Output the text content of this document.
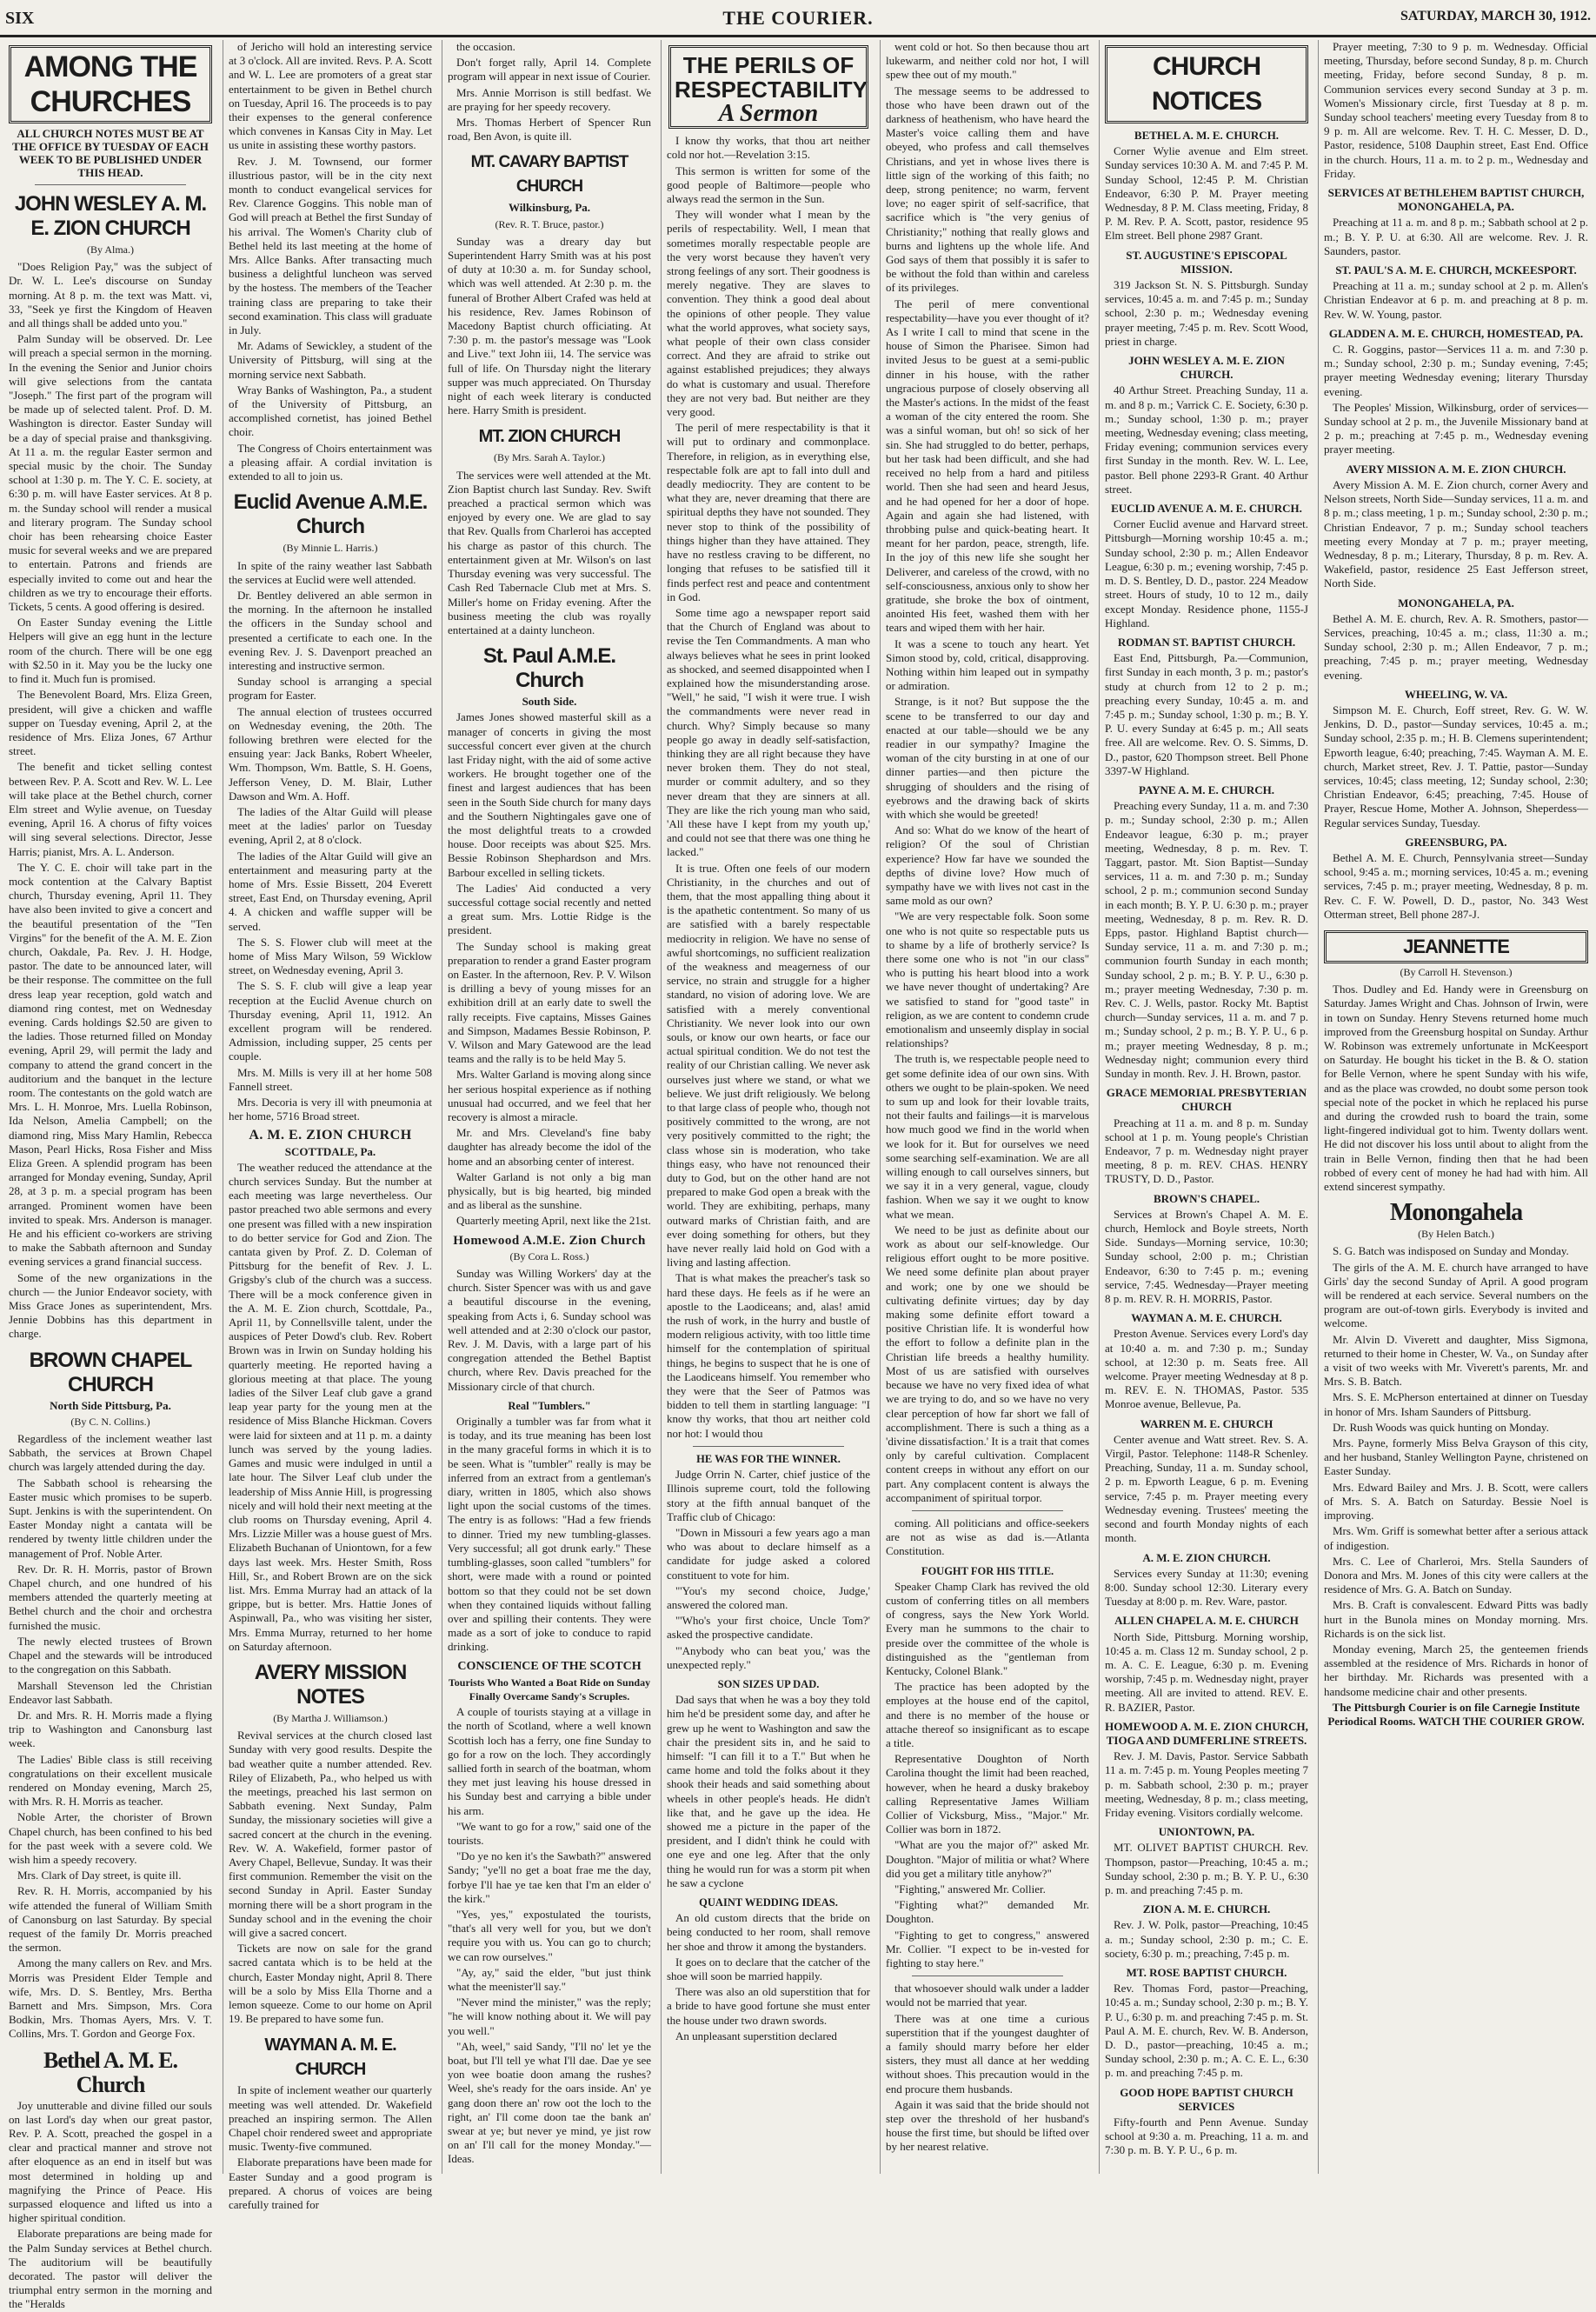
SIX	THE COURIER.	SATURDAY, MARCH 30, 1912.
AMONG THE CHURCHES
ALL CHURCH NOTES MUST BE AT THE OFFICE BY TUESDAY OF EACH WEEK TO BE PUBLISHED UNDER THIS HEAD.
JOHN WESLEY A. M. E. ZION CHURCH
(By Alma.)

"Does Religion Pay," was the subject of Dr. W. L. Lee's discourse on Sunday morning. At 8 p. m. the text was Matt. vi, 33, "Seek ye first the Kingdom of Heaven and all things shall be added unto you."

Palm Sunday will be observed. Dr. Lee will preach a special sermon in the morning. In the evening the Senior and Junior choirs will give selections from the cantata "Joseph." The first part of the program will be made up of selected talent. Prof. D. M. Washington is director. Easter Sunday will be a day of special praise and thanksgiving. At 11 a. m. the regular Easter sermon and special music by the choir. The Sunday school at 1:30 p. m. The Y. C. E. society, at 6:30 p. m. will have Easter services. At 8 p. m. the Sunday school will render a musical and literary program. The Sunday school choir has been rehearsing choice Easter music for several weeks and we are prepared to entertain. Patrons and friends are especially invited to come out and hear the children as we try to encourage their efforts. Tickets, 5 cents. A good offering is desired.

On Easter Sunday evening the Little Helpers will give an egg hunt in the lecture room of the church. There will be one egg with $2.50 in it. May you be the lucky one to find it. Much fun is promised.

The Benevolent Board, Mrs. Eliza Green, president, will give a chicken and waffle supper on Tuesday evening, April 2, at the residence of Mrs. Eliza Jones, 67 Arthur street.

The benefit and ticket selling contest between Rev. P. A. Scott and Rev. W. L. Lee will take place at the Bethel church, corner Elm street and Wylie avenue, on Tuesday evening, April 16. A chorus of fifty voices will sing several selections. Director, Jesse Harris; pianist, Mrs. A. L. Anderson.

The Y. C. E. choir will take part in the mock contention at the Calvary Baptist church, Thursday evening, April 11. They have also been invited to give a concert and the beautiful presentation of the "Ten Virgins" for the benefit of the A. M. E. Zion church, Oakdale, Pa. Rev. J. H. Hodge, pastor. The date to be announced later, will be their response. The committee on the full dress leap year reception, gold watch and diamond ring contest, met on Wednesday evening. Cards holdings $2.50 are given to the ladies. Those returned filled on Monday evening, April 29, will permit the lady and company to attend the grand concert in the auditorium and the banquet in the lecture room. The contestants on the gold watch are Mrs. L. H. Monroe, Mrs. Luella Robinson, Ida Nelson, Amelia Campbell; on the diamond ring, Miss Mary Hamlin, Rebecca Mason, Pearl Hicks, Rosa Fisher and Miss Eliza Green. A splendid program has been arranged for Monday evening, Sunday, April 28, at 3 p. m. a special program has been arranged. Prominent women have been invited to speak. Mrs. Anderson is manager. He and his efficient co-workers are striving to make the Sabbath afternoon and Sunday evening services a grand financial success.

Some of the new organizations in the church — the Junior Endeavor society, with Miss Grace Jones as superintendent, Mrs. Jennie Dobbins has this department in charge.

BROWN CHAPEL CHURCH
North Side Pittsburg, Pa.
(By C. N. Collins.)

Regardless of the inclement weather last Sabbath, the services at Brown Chapel church was largely attended during the day.

The Sabbath school is rehearsing the Easter music which promises to be superb. Supt. Jenkins is with the superintendent. On Easter Monday night a cantata will be rendered by twenty little children under the management of Prof. Noble Arter.

Rev. Dr. R. H. Morris, pastor of Brown Chapel church, and one hundred of his members attended the quarterly meeting at Bethel church and the choir and orchestra furnished the music.

The newly elected trustees of Brown Chapel and the stewards will be introduced to the congregation on this Sabbath.

Marshall Stevenson led the Christian Endeavor last Sabbath.

Dr. and Mrs. R. H. Morris made a flying trip to Washington and Canonsburg last week.

The Ladies' Bible class is still receiving congratulations on their excellent musicale rendered on Monday evening, March 25, with Mrs. R. H. Morris as teacher.

Noble Arter, the chorister of Brown Chapel church, has been confined to his bed for the past week with a severe cold. We wish him a speedy recovery.

Mrs. Clark of Day street, is quite ill.

Rev. R. H. Morris, accompanied by his wife attended the funeral of William Smith of Canonsburg on last Saturday. By special request of the family Dr. Morris preached the sermon.

Among the many callers on Rev. and Mrs. Morris was President Elder Temple and wife, Mrs. D. S. Bentley, Mrs. Bertha Barnett and Mrs. Simpson, Mrs. Cora Bodkin, Mrs. Thomas Ayers, Mrs. V. T. Collins, Mrs. T. Gordon and George Fox.

Bethel A. M. E. Church

Joy unutterable and divine filled our souls on last Lord's day when our great pastor, Rev. P. A. Scott, preached the gospel in a clear and practical manner and strove not after eloquence as an end in itself but was most determined in holding up and magnifying the Prince of Peace. His surpassed eloquence and lifted us into a higher spiritual condition.

Elaborate preparations are being made for the Palm Sunday services at Bethel church. The auditorium will be beautifully decorated. The pastor will deliver the triumphal entry sermon in the morning and the "Heralds

of Jericho will hold an interesting service at 3 o'clock. All are invited. Revs. P. A. Scott and W. L. Lee are promoters of a great star entertainment to be given in Bethel church on Tuesday, April 16. The proceeds is to pay their expenses to the general conference which convenes in Kansas City in May. Let us unite in assisting these worthy pastors.

Rev. J. M. Townsend, our former illustrious pastor, will be in the city next month to conduct evangelical services for Rev. Clarence Goggins. This noble man of God will preach at Bethel the first Sunday of his arrival. The Women's Charity club of Bethel held its last meeting at the home of Mrs. Allce Banks. After transacting much business a delightful luncheon was served by the hostess. The members of the Teacher training class are preparing to take their second examination. This class will graduate in July.

Mr. Adams of Sewickley, a student of the University of Pittsburg, will sing at the morning service next Sabbath.

Wray Banks of Washington, Pa., a student of the University of Pittsburg, an accomplished cornetist, has joined Bethel choir.

The Congress of Choirs entertainment was a pleasing affair. A cordial invitation is extended to all to join us.

Euclid Avenue A.M.E. Church
(By Minnie L. Harris.)

In spite of the rainy weather last Sabbath the services at Euclid were well attended.

Dr. Bentley delivered an able sermon in the morning. In the afternoon he installed the officers in the Sunday school and presented a certificate to each one. In the evening Rev. J. S. Davenport preached an interesting and instructive sermon.

Sunday school is arranging a special program for Easter.

The annual election of trustees occurred on Wednesday evening, the 20th. The following brethren were elected for the ensuing year: Jack Banks, Robert Wheeler, Wm. Thompson, Wm. Battle, S. H. Goens, Jefferson Veney, D. M. Blair, Luther Dawson and Wm. A. Hoff.

The ladies of the Altar Guild will please meet at the ladies' parlor on Tuesday evening, April 2, at 8 o'clock.

The ladies of the Altar Guild will give an entertainment and measuring party at the home of Mrs. Essie Bissett, 204 Everett street, East End, on Thursday evening, April 4. A chicken and waffle supper will be served.

The S. S. Flower club will meet at the home of Miss Mary Wilson, 59 Wicklow street, on Wednesday evening, April 3.

The S. S. F. club will give a leap year reception at the Euclid Avenue church on Thursday evening, April 11, 1912. An excellent program will be rendered. Admission, including supper, 25 cents per couple.

Mrs. M. Mills is very ill at her home 508 Fannell street.

Mrs. Decoria is very ill with pneumonia at her home, 5716 Broad street.

A. M. E. ZION CHURCH
SCOTTDALE, Pa.

The weather reduced the attendance at the church services Sunday. But the number at each meeting was large nevertheless. Our pastor preached two able sermons and every one present was filled with a new inspiration to do better service for God and Zion. The cantata given by Prof. Z. D. Coleman of Pittsburg for the benefit of Rev. J. L. Grigsby's club of the church was a success. There will be a mock conference given in the A. M. E. Zion church, Scottdale, Pa., April 11, by Connellsville talent, under the auspices of Peter Dowd's club. Rev. Robert Brown was in Irwin on Sunday holding his quarterly meeting. He reported having a glorious meeting at that place. The young ladies of the Silver Leaf club gave a grand leap year party for the young men at the residence of Miss Blanche Hickman. Covers were laid for sixteen and at 11 p. m. a dainty lunch was served by the young ladies. Games and music were indulged in until a late hour. The Silver Leaf club under the leadership of Miss Annie Hill, is progressing nicely and will hold their next meeting at the club rooms on Thursday evening, April 4. Mrs. Lizzie Miller was a house guest of Mrs. Elizabeth Buchanan of Uniontown, for a few days last week. Mrs. Hester Smith, Ross Hill, Sr., and Robert Brown are on the sick list. Mrs. Emma Murray had an attack of la grippe, but is better. Mrs. Hattie Jones of Aspinwall, Pa., who was visiting her sister, Mrs. Emma Murray, returned to her home on Saturday afternoon.

AVERY MISSION NOTES
(By Martha J. Williamson.)

Revival services at the church closed last Sunday with very good results. Despite the bad weather quite a number attended. Rev. Riley of Elizabeth, Pa., who helped us with the meetings, preached his last sermon on Sabbath evening. Next Sunday, Palm Sunday, the missionary societies will give a sacred concert at the church in the evening. Rev. W. A. Wakefield, former pastor of Avery Chapel, Bellevue, Sunday. It was their first communion. Remember the visit on the second Sunday in April. Easter Sunday morning there will be a short program in the Sunday school and in the evening the choir will give a sacred concert.

Tickets are now on sale for the grand sacred cantata which is to be held at the church, Easter Monday night, April 8. There will be a solo by Miss Ella Thorne and a lemon squeeze. Come to our home on April 19. Be prepared to have some fun.

WAYMAN A. M. E. CHURCH

In spite of inclement weather our quarterly meeting was well attended. Dr. Wakefield preached an inspiring sermon. The Allen Chapel choir rendered sweet and appropriate music. Twenty-five communed.

Elaborate preparations have been made for Easter Sunday and a good program is prepared. A chorus of voices are being carefully trained for

the occasion.

Don't forget rally, April 14. Complete program will appear in next issue of Courier.

Mrs. Annie Morrison is still bedfast. We are praying for her speedy recovery.

Mrs. Thomas Herbert of Spencer Run road, Ben Avon, is quite ill.

MT. CAVARY BAPTIST CHURCH
Wilkinsburg, Pa.
(Rev. R. T. Bruce, pastor.)

Sunday was a dreary day but Superintendent Harry Smith was at his post of duty at 10:30 a. m. for Sunday school, which was well attended. At 2:30 p. m. the funeral of Brother Albert Crafed was held at his residence, Rev. James Robinson of Macedony Baptist church officiating. At 7:30 p. m. the pastor's message was "Look and Live." text John iii, 14. The service was full of life. On Thursday night the literary supper was much appreciated. On Thursday night of each week literary is conducted here. Harry Smith is president.

MT. ZION CHURCH
(By Mrs. Sarah A. Taylor.)

The services were well attended at the Mt. Zion Baptist church last Sunday. Rev. Swift preached a practical sermon which was enjoyed by every one. We are glad to say that Rev. Qualls from Charleroi has accepted his charge as pastor of this church. The entertainment given at Mr. Wilson's on last Thursday evening was very successful. The Cash Red Tabernacle Club met at Mrs. S. Miller's home on Friday evening. After the business meeting the club was royally entertained at a dainty luncheon.

St. Paul A.M.E. Church
South Side.

James Jones showed masterful skill as a manager of concerts in giving the most successful concert ever given at the church last Friday night, with the aid of some active workers. He brought together one of the finest and largest audiences that has been seen in the South Side church for many days and the Southern Nightingales gave one of the most delightful treats to a crowded house. Door receipts was about $25. Mrs. Bessie Robinson Shephardson and Mrs. Barbour excelled in selling tickets.

The Ladies' Aid conducted a very successful cottage social recently and netted a great sum. Mrs. Lottie Ridge is the president.

The Sunday school is making great preparation to render a grand Easter program on Easter. In the afternoon, Rev. P. V. Wilson is drilling a bevy of young misses for an exhibition drill at an early date to swell the rally receipts. Five captains, Misses Gaines and Simpson, Madames Bessie Robinson, P. V. Wilson and Mary Gatewood are the lead teams and the rally is to be held May 5.

Mrs. Walter Garland is moving along since her serious hospital experience as if nothing unusual had occurred, and we feel that her recovery is almost a miracle.

Mr. and Mrs. Cleveland's fine baby daughter has already become the idol of the home and an absorbing center of interest.

Walter Garland is not only a big man physically, but is big hearted, big minded and as liberal as the sunshine.

Quarterly meeting April, next like the 21st.

Homewood A.M.E. Zion Church
(By Cora L. Ross.)

Sunday was Willing Workers' day at the church. Sister Spencer was with us and gave a beautiful discourse in the evening, speaking from Acts i, 6. Sunday school was well attended and at 2:30 o'clock our pastor, Rev. J. M. Davis, with a large part of his congregation attended the Bethel Baptist church, where Rev. Davis preached for the Missionary circle of that church.

Real "Tumblers."

Originally a tumbler was far from what it is today, and its true meaning has been lost in the many graceful forms in which it is to be seen. What is "tumbler" really is may be inferred from an extract from a gentleman's diary, written in 1805, which also shows light upon the social customs of the times. The entry is as follows: "Had a few friends to dinner. Tried my new tumbling-glasses. Very successful; all got drunk early." These tumbling-glasses, soon called "tumblers" for short, were made with a round or pointed bottom so that they could not be set down when they contained liquids without falling over and spilling their contents. They were made as a sort of joke to conduce to rapid drinking.

CONSCIENCE OF THE SCOTCH
Tourists Who Wanted a Boat Ride on Sunday Finally Overcame Sandy's Scruples.

A couple of tourists staying at a village in the north of Scotland, where a well known Scottish loch has a ferry, one fine Sunday to go for a row on the loch. They accordingly sallied forth in search of the boatman, whom they met just leaving his house dressed in his Sunday best and carrying a bible under his arm.

"We want to go for a row," said one of the tourists.

"Do ye no ken it's the Sawbath?" answered Sandy; "ye'll no get a boat frae me the day, forbye I'll hae ye tae ken that I'm an elder o' the kirk."

"Yes, yes," expostulated the tourists, "that's all very well for you, but we don't require you with us. You can go to church; we can row ourselves."

"Ay, ay," said the elder, "but just think what the meenister'll say."

"Never mind the minister," was the reply; "he will know nothing about it. We will pay you well."

"Ah, weel," said Sandy, "I'll no' let ye the boat, but I'll tell ye what I'll dae. Dae ye see yon wee boatie doon amang the rushes? Weel, she's ready for the oars inside. An' ye gang doon there an' row oot the loch to the right, an' I'll come doon tae the bank an' swear at ye; but never ye mind, ye jist row on an' I'll call for the money Monday."—Ideas.

THE PERILS OF RESPECTABILITY
A Sermon

I know thy works, that thou art neither cold nor hot.—Revelation 3:15.

This sermon is written for some of the good people of Baltimore—people who always read the sermon in the Sun.

They will wonder what I mean by the perils of respectability. Well, I mean that sometimes morally respectable people are the very worst because they haven't very strong feelings of any sort. Their goodness is merely negative. They are slaves to convention. They think a good deal about the opinions of other people. They value what the world approves, what society says, what people of their own class consider correct. And they are afraid to strike out against established prejudices; they always do what is customary and usual. Therefore they are not very bad. But neither are they very good.

The peril of mere respectability is that it will put to ordinary and commonplace. Therefore, in religion, as in everything else, respectable folk are apt to fall into dull and deadly mediocrity. They are content to be what they are, never dreaming that there are spiritual depths they have not sounded. They never stop to think of the possibility of things higher than they have attained. They have no restless craving to be different, no longing that refuses to be satisfied till it finds perfect rest and peace and contentment in God.

Some time ago a newspaper report said that the Church of England was about to revise the Ten Commandments. A man who always believes what he sees in print looked as shocked, and seemed disappointed when I explained how the misunderstanding arose. "Well," he said, "I wish it were true. I wish the commandments were never read in church. Why? Simply because so many people go away in deadly self-satisfaction, thinking they are all right because they have never broken them. They do not steal, murder or commit adultery, and so they never dream that they are sinners at all. They are like the rich young man who said, 'All these have I kept from my youth up,' and could not see that there was one thing he lacked."

It is true. Often one feels of our modern Christianity, in the churches and out of them, that the most appalling thing about it is the apathetic contentment. So many of us are satisfied with a barely respectable mediocrity in religion. We have no sense of awful shortcomings, no sufficient realization of the weakness and meagerness of our service, no strain and struggle for a higher standard, no vision of adoring love. We are satisfied with a merely conventional Christianity. We never look into our own souls, or know our own hearts, or face our actual spiritual condition. We do not test the reality of our Christian calling. We never ask ourselves just where we stand, or what we believe. We just drift religiously. We belong to that large class of people who, though not positively committed to the wrong, are not very positively committed to the right; the class whose sin is moderation, who take things easy, who have not renounced their duty to God, but on the other hand are not prepared to make God open a break with the world. They are exhibiting, perhaps, many outward marks of Christian faith, and are ever doing something for others, but they have never really laid hold on God with a living and lasting affection.

That is what makes the preacher's task so hard these days. He feels as if he were an apostle to the Laodiceans; and, alas! amid the rush of work, in the hurry and bustle of modern religious activity, with too little time himself for the contemplation of spiritual things, he begins to suspect that he is one of the Laodiceans himself. You remember who they were that the Seer of Patmos was bidden to tell them in startling language: "I know thy works, that thou art neither cold nor hot: I would thou

HE WAS FOR THE WINNER.

Judge Orrin N. Carter, chief justice of the Illinois supreme court, told the following story at the fifth annual banquet of the Traffic club of Chicago:

"Down in Missouri a few years ago a man who was about to declare himself as a candidate for judge asked a colored constituent to vote for him.

"'You's my second choice, Judge,' answered the colored man.

"'Who's your first choice, Uncle Tom?' asked the prospective candidate.

"'Anybody who can beat you,' was the unexpected reply."

SON SIZES UP DAD.

Dad says that when he was a boy they told him he'd be president some day, and after he grew up he went to Washington and saw the chair the president sits in, and he said to himself: "I can fill it to a T." But when he came home and told the folks about it they shook their heads and said something about wheels in other people's heads. He didn't like that, and he gave up the idea. He showed me a picture in the paper of the president, and I didn't think he could with one eye and one leg. After that the only thing he would run for was a storm pit when he saw a cyclone

QUAINT WEDDING IDEAS.

An old custom directs that the bride on being conducted to her room, shall remove her shoe and throw it among the bystanders.

It goes on to declare that the catcher of the shoe will soon be married happily.

There was also an old superstition that for a bride to have good fortune she must enter the house under two drawn swords.

An unpleasant superstition declared

went cold or hot. So then because thou art lukewarm, and neither cold nor hot, I will spew thee out of my mouth."

The message seems to be addressed to those who have been drawn out of the darkness of heathenism, who have heard the Master's voice calling them and have obeyed, who profess and call themselves Christians, and yet in whose lives there is little sign of the working of this faith; no deep, strong penitence; no warm, fervent love; no eager spirit of self-sacrifice, that sacrifice which is "the very genius of Christianity;" nothing that really glows and burns and lightens up the whole life. And God says of them that possibly it is safer to be without the fold than within and careless of its privileges.

The peril of mere conventional respectability—have you ever thought of it? As I write I call to mind that scene in the house of Simon the Pharisee. Simon had invited Jesus to be guest at a semi-public dinner in his house, with the rather ungracious purpose of closely observing all the Master's actions. In the midst of the feast a woman of the city entered the room. She was a sinful woman, but oh! so sick of her sin. She had struggled to do better, perhaps, but her task had been difficult, and she had received no help from a hard and pitiless world. Then she had seen and heard Jesus, and he had opened for her a door of hope. Again and again she had listened, with throbbing pulse and quick-beating heart. It meant for her pardon, peace, strength, life. In the joy of this new life she sought her Deliverer, and careless of the crowd, with no self-consciousness, anxious only to show her gratitude, she broke the box of ointment, anointed His feet, washed them with her tears and wiped them with her hair.

It was a scene to touch any heart. Yet Simon stood by, cold, critical, disapproving. Nothing within him leaped out in sympathy or admiration.

Strange, is it not? But suppose the the scene to be transferred to our day and enacted at our table—should we be any readier in our sympathy? Imagine the woman of the city bursting in at one of our dinner parties—and then picture the shrugging of shoulders and the rising of eyebrows and the drawing back of skirts with which she would be greeted!

And so: What do we know of the heart of religion? Of the soul of Christian experience? How far have we sounded the depths of divine love? How much of sympathy have we with lives not cast in the same mold as our own?

"We are very respectable folk. Soon some one who is not quite so respectable puts us to shame by a life of brotherly service? Is there some one who is not "in our class" who is putting his heart blood into a work we have never thought of undertaking? Are we satisfied to stand for "good taste" in religion, as we are content to condemn crude emotionalism and unseemly display in social relationships?

The truth is, we respectable people need to get some definite idea of our own sins. With others we ought to be plain-spoken. We need to sum up and look for their lovable traits, not their faults and failings—it is marvelous how much good we find in the world when we look for it. But for ourselves we need some searching self-examination. We are all willing enough to call ourselves sinners, but we say it in a very general, vague, cloudy fashion. When we say it we ought to know what we mean.

We need to be just as definite about our work as about our self-knowledge. Our religious effort ought to be more positive. We need some definite plan about prayer and work; one by one we should be cultivating definite virtues; day by day making some definite effort toward a positive Christian life. It is wonderful how the effort to follow a definite plan in the Christian life breeds a healthy humility. Most of us are satisfied with ourselves because we have no very fixed idea of what we are trying to do, and so we have no very clear perception of how far short we fall of accomplishment. There is such a thing as a 'divine dissatisfaction.' It is a trait that comes only by careful cultivation. Complacent content creeps in without any effort on our part. Any complacent content is always the accompaniment of spiritual torpor.

coming. All politicians and office-seekers are not as wise as dad is.—Atlanta Constitution.

FOUGHT FOR HIS TITLE.

Speaker Champ Clark has revived the old custom of conferring titles on all members of congress, says the New York World. Every man he summons to the chair to preside over the committee of the whole is distinguished as the "gentleman from Kentucky, Colonel Blank."

The practice has been adopted by the employes at the house end of the capitol, and there is no member of the house or attache thereof so insignificant as to escape a title.

Representative Doughton of North Carolina thought the limit had been reached, however, when he heard a dusky brakeboy calling Representative James William Collier of Vicksburg, Miss., "Major." Mr. Collier was born in 1872.

"What are you the major of?" asked Mr. Doughton. "Major of militia or what? Where did you get a military title anyhow?"

"Fighting," answered Mr. Collier.

"Fighting what?" demanded Mr. Doughton.

"Fighting to get to congress," answered Mr. Collier. "I expect to be in-vested for fighting to stay here."

that whosoever should walk under a ladder would not be married that year.

There was at one time a curious superstition that if the youngest daughter of a family should marry before her elder sisters, they must all dance at her wedding without shoes. This precaution would in the end procure them husbands.

Again it was said that the bride should not step over the threshold of her husband's house the first time, but should be lifted over by her nearest relative.

CHURCH NOTICES
BETHEL A. M. E. CHURCH.

Corner Wylie avenue and Elm street. Sunday services 10:30 A. M. and 7:45 P. M. Sunday School, 12:45 P. M. Christian Endeavor, 6:30 P. M. Prayer meeting Wednesday, 8 P. M. Class meeting, Friday, 8 P. M. Rev. P. A. Scott, pastor, residence 95 Elm street. Bell phone 2987 Grant.

ST. AUGUSTINE'S EPISCOPAL MISSION.

319 Jackson St. N. S. Pittsburgh. Sunday services, 10:45 a. m. and 7:45 p. m.; Sunday school, 2:30 p. m.; Wednesday evening prayer meeting, 7:45 p. m. Rev. Scott Wood, priest in charge.

JOHN WESLEY A. M. E. ZION CHURCH.

40 Arthur Street. Preaching Sunday, 11 a. m. and 8 p. m.; Varrick C. E. Society, 6:30 p. m.; Sunday school, 1:30 p. m.; prayer meeting, Wednesday evening; class meeting, Friday evening; communion services every first Sunday in the month. Rev. W. L. Lee, pastor. Bell phone 2293-R Grant. 40 Arthur street.

EUCLID AVENUE A. M. E. CHURCH.

Corner Euclid avenue and Harvard street. Pittsburgh—Morning worship 10:45 a. m.; Sunday school, 2:30 p. m.; Allen Endeavor League, 6:30 p. m.; evening worship, 7:45 p. m. D. S. Bentley, D. D., pastor. 224 Meadow street. Hours of study, 10 to 12 m., daily except Monday. Residence phone, 1155-J Highland.

RODMAN ST. BAPTIST CHURCH.

East End, Pittsburgh, Pa.—Communion, first Sunday in each month, 3 p. m.; pastor's study at church from 12 to 2 p. m.; preaching every Sunday, 10:45 a. m. and 7:45 p. m.; Sunday school, 1:30 p. m.; B. Y. P. U. every Sunday at 6:45 p. m.; All seats free. All are welcome. Rev. O. S. Simms, D. D., pastor, 620 Thompson street. Bell Phone 3397-W Highland.

PAYNE A. M. E. CHURCH.

Preaching every Sunday, 11 a. m. and 7:30 p. m.; Sunday school, 2:30 p. m.; Allen Endeavor league, 6:30 p. m.; prayer meeting, Wednesday, 8 p. m. Rev. T. Taggart, pastor. Mt. Sion Baptist—Sunday services, 11 a. m. and 7:30 p. m.; Sunday school, 2 p. m.; communion second Sunday in each month; B. Y. P. U. 6:30 p. m.; prayer meeting, Wednesday, 8 p. m. Rev. R. D. Epps, pastor. Highland Baptist church—Sunday service, 11 a. m. and 7:30 p. m.; communion fourth Sunday in each month; Sunday school, 2 p. m.; B. Y. P. U., 6:30 p. m.; prayer meeting Wednesday, 7:30 p. m. Rev. C. J. Wells, pastor. Rocky Mt. Baptist church—Sunday services, 11 a. m. and 7 p. m.; Sunday school, 2 p. m.; B. Y. P. U., 6 p. m.; prayer meeting Wednesday, 8 p. m.; Wednesday night; communion every third Sunday in month. Rev. J. H. Brown, pastor.

GRACE MEMORIAL PRESBYTERIAN CHURCH

Preaching at 11 a. m. and 8 p. m. Sunday school at 1 p. m. Young people's Christian Endeavor, 7 p. m. Wednesday night prayer meeting, 8 p. m. REV. CHAS. HENRY TRUSTY, D. D., Pastor.

BROWN'S CHAPEL.

Services at Brown's Chapel A. M. E. church, Hemlock and Boyle streets, North Side. Sundays—Morning service, 10:30; Sunday school, 2:00 p. m.; Christian Endeavor, 6:30 to 7:45 p. m.; evening service, 7:45. Wednesday—Prayer meeting 8 p. m. REV. R. H. MORRIS, Pastor.

WAYMAN A. M. E. CHURCH.

Preston Avenue. Services every Lord's day at 10:40 a. m. and 7:30 p. m.; Sunday school, at 12:30 p. m. Seats free. All welcome. Prayer meeting Wednesday at 8 p. m. REV. E. N. THOMAS, Pastor. 535 Monroe avenue, Bellevue, Pa.

WARREN M. E. CHURCH

Center avenue and Watt street. Rev. S. A. Virgil, Pastor. Telephone: 1148-R Schenley. Preaching, Sunday, 11 a. m. Sunday school, 2 p. m. Epworth League, 6 p. m. Evening service, 7:45 p. m. Prayer meeting every Wednesday evening. Trustees' meeting the second and fourth Monday nights of each month.

A. M. E. ZION CHURCH.

Services every Sunday at 11:30; evening 8:00. Sunday school 12:30. Literary every Tuesday at 8:00 p. m. Rev. Ware, pastor.

ALLEN CHAPEL A. M. E. CHURCH

North Side, Pittsburg. Morning worship, 10:45 a. m. Class 12 m. Sunday school, 2 p. m. A. C. E. League, 6:30 p. m. Evening worship, 7:45 p. m. Wednesday night, prayer meeting. All are invited to attend. REV. E. R. BAZIER, Pastor.

HOMEWOOD A. M. E. ZION CHURCH, TIOGA AND DUMFERLINE STREETS.

Rev. J. M. Davis, Pastor. Service Sabbath 11 a. m. 7:45 p. m. Young Peoples meeting 7 p. m. Sabbath school, 2:30 p. m.; prayer meeting, Wednesday, 8 p. m.; class meeting, Friday evening. Visitors cordially welcome.

UNIONTOWN, PA.

MT. OLIVET BAPTIST CHURCH. Rev. Thompson, pastor—Preaching, 10:45 a. m.; Sunday school, 2:30 p. m.; B. Y. P. U., 6:30 p. m. and preaching 7:45 p. m.

ZION A. M. E. CHURCH.

Rev. J. W. Polk, pastor—Preaching, 10:45 a. m.; Sunday school, 2:30 p. m.; C. E. society, 6:30 p. m.; preaching, 7:45 p. m.

MT. ROSE BAPTIST CHURCH.

Rev. Thomas Ford, pastor—Preaching, 10:45 a. m.; Sunday school, 2:30 p. m.; B. Y. P. U., 6:30 p. m. and preaching 7:45 p. m. St. Paul A. M. E. church, Rev. W. B. Anderson, D. D., pastor—preaching, 10:45 a. m.; Sunday school, 2:30 p. m.; A. C. E. L., 6:30 p. m. and preaching 7:45 p. m.

GOOD HOPE BAPTIST CHURCH SERVICES

Fifty-fourth and Penn Avenue. Sunday school at 9:30 a. m. Preaching, 11 a. m. and 7:30 p. m. B. Y. P. U., 6 p. m.

Prayer meeting, 7:30 to 9 p. m. Wednesday. Official meeting, Thursday, before second Sunday, 8 p. m. Church meeting, Friday, before second Sunday, 8 p. m. Communion services every second Sunday at 3 p. m. Women's Missionary circle, first Tuesday at 8 p. m. Sunday school teachers' meeting every Tuesday from 8 to 9 p. m. All are welcome. Rev. T. H. C. Messer, D. D., Pastor, residence, 5108 Dauphin street, East End. Office in the church. Hours, 11 a. m. to 2 p. m., Wednesday and Friday.

SERVICES AT BETHLEHEM BAPTIST CHURCH, MONONGAHELA, PA.

Preaching at 11 a. m. and 8 p. m.; Sabbath school at 2 p. m.; B. Y. P. U. at 6:30. All are welcome. Rev. J. R. Saunders, pastor.

ST. PAUL'S A. M. E. CHURCH, MCKEESPORT.

Preaching at 11 a. m.; sunday school at 2 p. m. Allen's Christian Endeavor at 6 p. m. and preaching at 8 p. m. Rev. W. W. Young, pastor.

GLADDEN A. M. E. CHURCH, HOMESTEAD, PA.

C. R. Goggins, pastor—Services 11 a. m. and 7:30 p. m.; Sunday school, 2:30 p. m.; Sunday evening, 7:45; prayer meeting Wednesday evening; literary Thursday evening.

The Peoples' Mission, Wilkinsburg, order of services—Sunday school at 2 p. m., the Juvenile Missionary band at 2 p. m.; preaching at 7:45 p. m., Wednesday evening prayer meeting.

AVERY MISSION A. M. E. ZION CHURCH.

Avery Mission A. M. E. Zion church, corner Avery and Nelson streets, North Side—Sunday services, 11 a. m. and 8 p. m.; class meeting, 1 p. m.; Sunday school, 2:30 p. m.; Christian Endeavor, 7 p. m.; Sunday school teachers meeting every Monday at 7 p. m.; prayer meeting, Wednesday, 8 p. m.; Literary, Thursday, 8 p. m. Rev. A. Wakefield, pastor, residence 25 East Jefferson street, North Side.

MONONGAHELA, PA.

Bethel A. M. E. church, Rev. A. R. Smothers, pastor—Services, preaching, 10:45 a. m.; class, 11:30 a. m.; Sunday school, 2:30 p. m.; Allen Endeavor, 7 p. m.; preaching, 7:45 p. m.; prayer meeting, Wednesday evening.

WHEELING, W. VA.

Simpson M. E. Church, Eoff street, Rev. G. W. W. Jenkins, D. D., pastor—Sunday services, 10:45 a. m.; Sunday school, 2:35 p. m.; H. B. Clemens superintendent; Epworth league, 6:40; preaching, 7:45. Wayman A. M. E. church, Market street, Rev. J. T. Pattie, pastor—Sunday services, 10:45; class meeting, 12; Sunday school, 2:30; Christian Endeavor, 6:45; preaching, 7:45. House of Prayer, Rescue Home, Mother A. Johnson, Sheperdess—Regular services Sunday, Tuesday.

GREENSBURG, PA.

Bethel A. M. E. Church, Pennsylvania street—Sunday school, 9:45 a. m.; morning services, 10:45 a. m.; evening services, 7:45 p. m.; prayer meeting, Wednesday, 8 p. m. Rev. C. F. W. Powell, D. D., pastor, No. 343 West Otterman street, Bell phone 287-J.

JEANNETTE
(By Carroll H. Stevenson.)

Thos. Dudley and Ed. Handy were in Greensburg on Saturday. James Wright and Chas. Johnson of Irwin, were in town on Sunday. Henry Stevens returned home much improved from the Greensburg hospital on Sunday. Arthur W. Robinson was extremely unfortunate in McKeesport on Saturday. He bought his ticket in the B. & O. station for Belle Vernon, where he spent Sunday with his wife, and as the place was crowded, no doubt some person took special note of the pocket in which he replaced his purse and during the crowded rush to board the train, some light-fingered individual got to him. Twenty dollars went. He did not discover his loss until about to alight from the train in Belle Vernon, finding then that he had been robbed of every cent of money he had had with him. All extend sincerest sympathy.

Monongahela
(By Helen Batch.)

S. G. Batch was indisposed on Sunday and Monday.

The girls of the A. M. E. church have arranged to have Girls' day the second Sunday of April. A good program will be rendered at each service. Several numbers on the program are out-of-town girls. Everybody is invited and welcome.

Mr. Alvin D. Viverett and daughter, Miss Sigmona, returned to their home in Chester, W. Va., on Sunday after a visit of two weeks with Mr. Viverett's parents, Mr. and Mrs. S. B. Batch.

Mrs. S. E. McPherson entertained at dinner on Tuesday in honor of Mrs. Isham Saunders of Pittsburg.

Dr. Rush Woods was quick hunting on Monday.

Mrs. Payne, formerly Miss Belva Grayson of this city, and her husband, Stanley Wellington Payne, christened on Easter Sunday.

Mrs. Edward Bailey and Mrs. J. B. Scott, were callers of Mrs. S. A. Batch on Saturday. Bessie Noel is improving.

Mrs. Wm. Griff is somewhat better after a serious attack of indigestion.

Mrs. C. Lee of Charleroi, Mrs. Stella Saunders of Donora and Mrs. M. Jones of this city were callers at the residence of Mrs. G. A. Batch on Sunday.

Mrs. B. Craft is convalescent. Edward Pitts was badly hurt in the Bunola mines on Monday morning. Mrs. Richards is on the sick list.

Monday evening, March 25, the genteemen friends assembled at the residence of Mrs. Richards in honor of her birthday. Mr. Richards was presented with a handsome medicine chair and other presents.

The Pittsburgh Courier is on file Carnegie Institute Periodical Rooms. WATCH THE COURIER GROW.
